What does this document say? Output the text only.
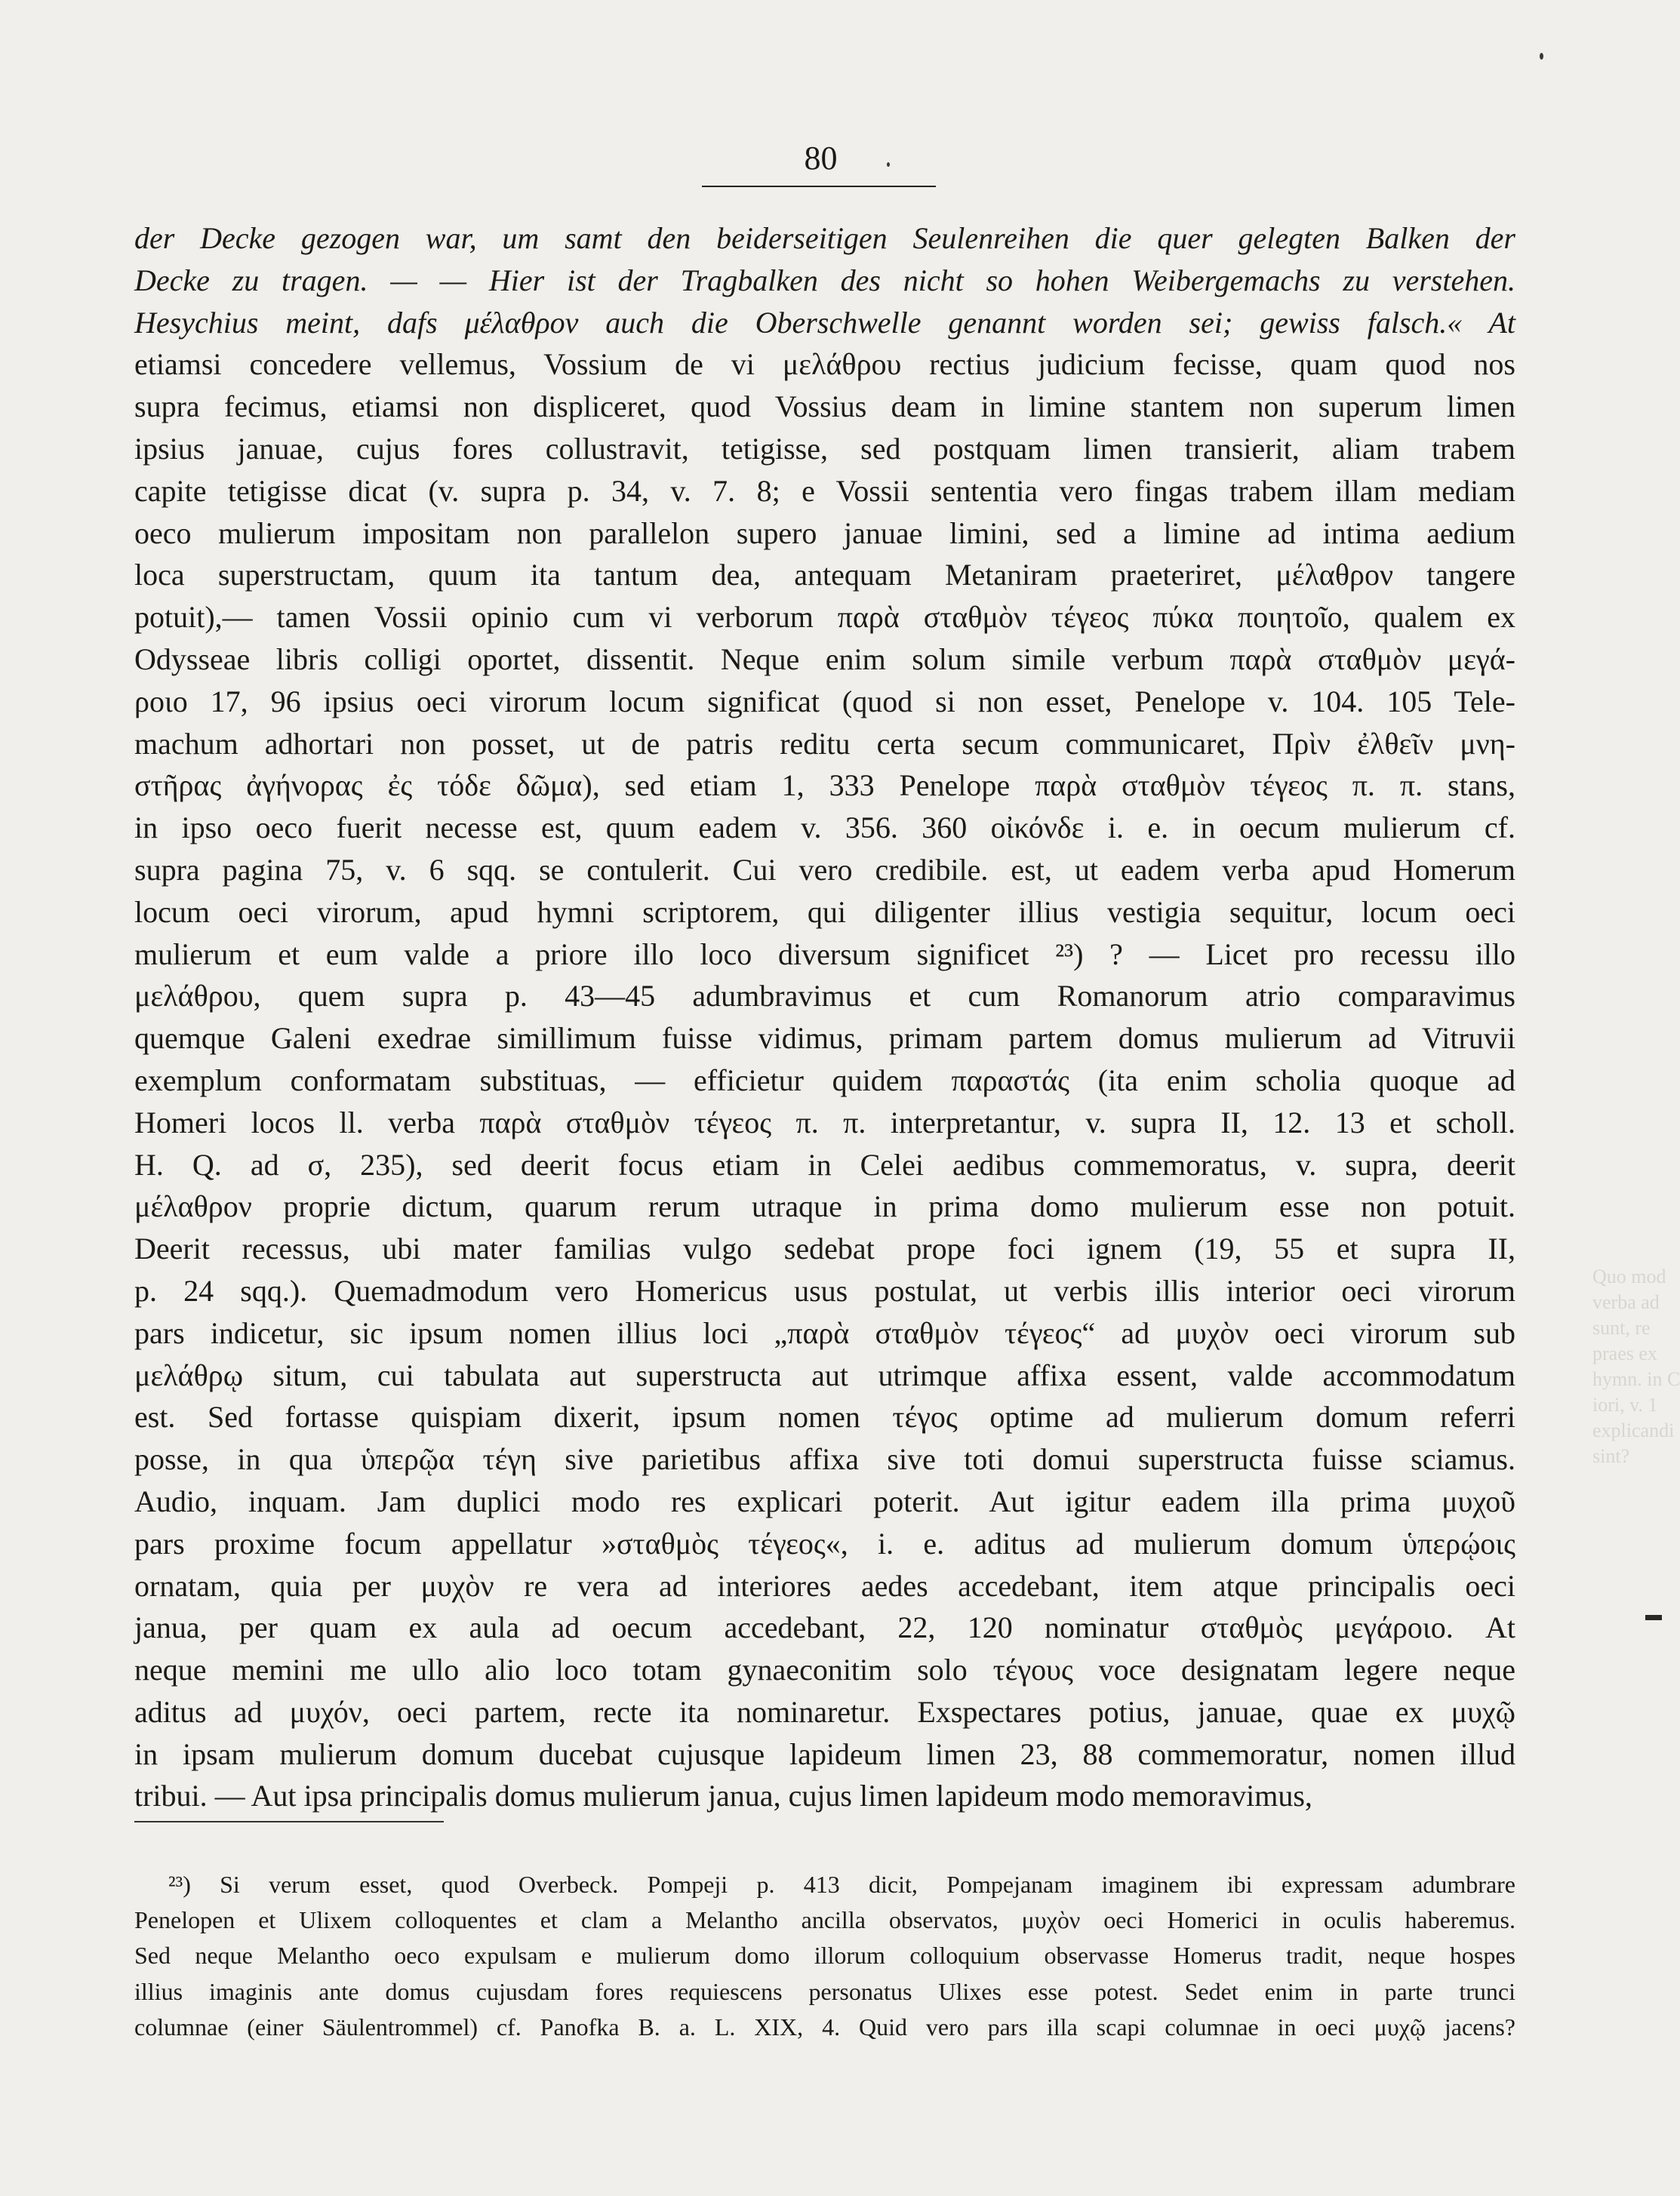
80
der Decke gezogen war, um samt den beiderseitigen Seulenreihen die quer gelegten Balken der
Decke zu tragen. — — Hier ist der Tragbalken des nicht so hohen Weibergemachs zu verstehen.
Hesychius meint, dafs μέλαθρον auch die Oberschwelle genannt worden sei; gewiss falsch.« At
etiamsi concedere vellemus, Vossium de vi μελάθρου rectius judicium fecisse, quam quod nos
supra fecimus, etiamsi non displiceret, quod Vossius deam in limine stantem non superum limen
ipsius januae, cujus fores collustravit, tetigisse, sed postquam limen transierit, aliam trabem
capite tetigisse dicat (v. supra p. 34, v. 7. 8; e Vossii sententia vero fingas trabem illam mediam
oeco mulierum impositam non parallelon supero januae limini, sed a limine ad intima aedium
loca superstructam, quum ita tantum dea, antequam Metaniram praeteriret, μέλαθρον tangere
potuit),— tamen Vossii opinio cum vi verborum παρὰ σταθμὸν τέγεος πύκα ποιητοῖο, qualem ex
Odysseae libris colligi oportet, dissentit. Neque enim solum simile verbum παρὰ σταθμὸν μεγά-
ροιο 17, 96 ipsius oeci virorum locum significat (quod si non esset, Penelope v. 104. 105 Tele-
machum adhortari non posset, ut de patris reditu certa secum communicaret, Πρὶν ἐλθεῖν μνη-
στῆρας ἀγήνορας ἐς τόδε δῶμα), sed etiam 1, 333 Penelope παρὰ σταθμὸν τέγεος π. π. stans,
in ipso oeco fuerit necesse est, quum eadem v. 356. 360 οἰκόνδε i. e. in oecum mulierum cf.
supra pagina 75, v. 6 sqq. se contulerit. Cui vero credibile. est, ut eadem verba apud Homerum
locum oeci virorum, apud hymni scriptorem, qui diligenter illius vestigia sequitur, locum oeci
mulierum et eum valde a priore illo loco diversum significet ²³) ? — Licet pro recessu illo
μελάθρου, quem supra p. 43—45 adumbravimus et cum Romanorum atrio comparavimus
quemque Galeni exedrae simillimum fuisse vidimus, primam partem domus mulierum ad Vitruvii
exemplum conformatam substituas, — efficietur quidem παραστάς (ita enim scholia quoque ad
Homeri locos ll. verba παρὰ σταθμὸν τέγεος π. π. interpretantur, v. supra II, 12. 13 et scholl.
H. Q. ad σ, 235), sed deerit focus etiam in Celei aedibus commemoratus, v. supra, deerit
μέλαθρον proprie dictum, quarum rerum utraque in prima domo mulierum esse non potuit.
Deerit recessus, ubi mater familias vulgo sedebat prope foci ignem (19, 55 et supra II,
p. 24 sqq.). Quemadmodum vero Homericus usus postulat, ut verbis illis interior oeci virorum
pars indicetur, sic ipsum nomen illius loci „παρὰ σταθμὸν τέγεος“ ad μυχὸν oeci virorum sub
μελάθρῳ situm, cui tabulata aut superstructa aut utrimque affixa essent, valde accommodatum
est. Sed fortasse quispiam dixerit, ipsum nomen τέγος optime ad mulierum domum referri
posse, in qua ὑπερῷα τέγη sive parietibus affixa sive toti domui superstructa fuisse sciamus.
Audio, inquam. Jam duplici modo res explicari poterit. Aut igitur eadem illa prima μυχοῦ
pars proxime focum appellatur »σταθμὸς τέγεος«, i. e. aditus ad mulierum domum ὑπερῴοις
ornatam, quia per μυχὸν re vera ad interiores aedes accedebant, item atque principalis oeci
janua, per quam ex aula ad oecum accedebant, 22, 120 nominatur σταθμὸς μεγάροιο. At
neque memini me ullo alio loco totam gynaeconitim solo τέγους voce designatam legere neque
aditus ad μυχόν, oeci partem, recte ita nominaretur. Exspectares potius, januae, quae ex μυχῷ
in ipsam mulierum domum ducebat cujusque lapideum limen 23, 88 commemoratur, nomen illud
tribui. — Aut ipsa principalis domus mulierum janua, cujus limen lapideum modo memoravimus,
²³) Si verum esset, quod Overbeck. Pompeji p. 413 dicit, Pompejanam imaginem ibi expressam adumbrare
Penelopen et Ulixem colloquentes et clam a Melantho ancilla observatos, μυχὸν oeci Homerici in oculis haberemus.
Sed neque Melantho oeco expulsam e mulierum domo illorum colloquium observasse Homerus tradit, neque hospes
illius imaginis ante domus cujusdam fores requiescens personatus Ulixes esse potest. Sedet enim in parte trunci
columnae (einer Säulentrommel) cf. Panofka B. a. L. XIX, 4. Quid vero pars illa scapi columnae in oeci μυχῷ jacens?
Quo mod
verba ad
sunt, re
praes ex
hymn. in C
iori, v. 1
explicandi
sint?
